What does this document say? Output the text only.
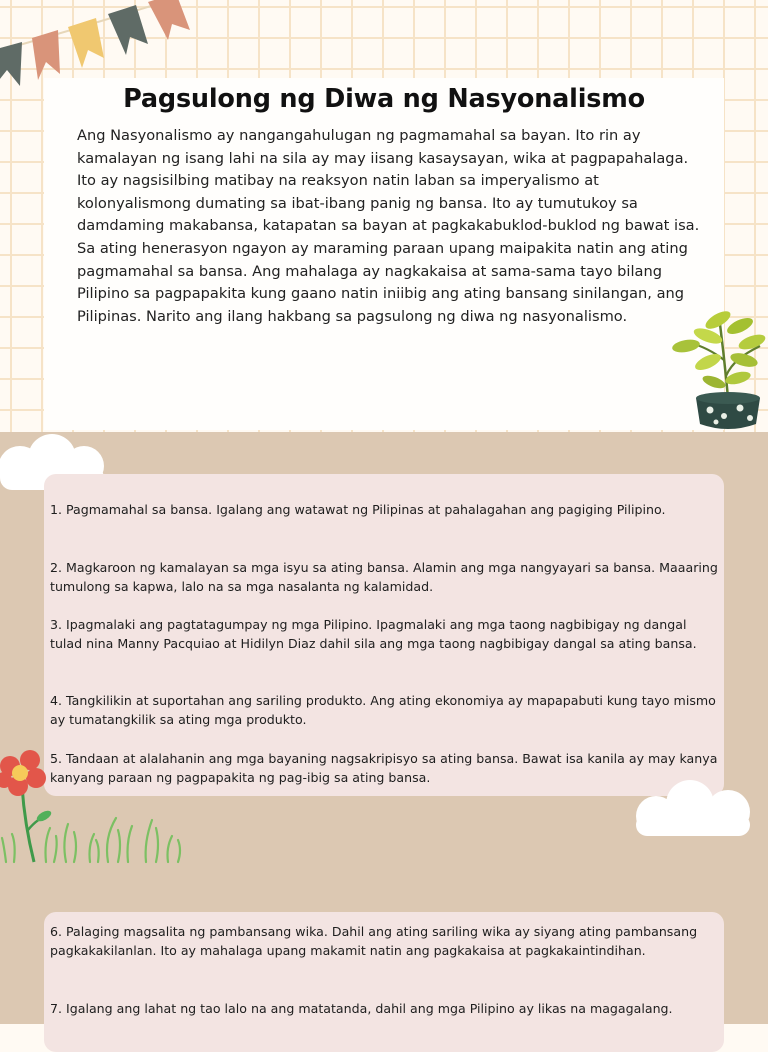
Pagsulong ng Diwa ng Nasyonalismo

Ang Nasyonalismo ay nangangahulugan ng pagmamahal sa bayan. Ito rin ay kamalayan ng isang lahi na sila ay may iisang kasaysayan, wika at pagpapahalaga. Ito ay nagsisilbing matibay na reaksyon natin laban sa imperyalismo at kolonyalismong dumating sa ibat-ibang panig ng bansa. Ito ay tumutukoy sa damdaming makabansa, katapatan sa bayan at pagkakabuklod-buklod ng bawat isa. Sa ating henerasyon ngayon ay maraming paraan upang maipakita natin ang ating pagmamahal sa bansa. Ang mahalaga ay nagkakaisa at sama-sama tayo bilang Pilipino sa pagpapakita kung gaano natin iniibig ang ating bansang sinilangan, ang Pilipinas. Narito ang ilang hakbang sa pagsulong ng diwa ng nasyonalismo.

1. Pagmamahal sa bansa. Igalang ang watawat ng Pilipinas at pahalagahan ang pagiging Pilipino.

2. Magkaroon ng kamalayan sa mga isyu sa ating bansa. Alamin ang mga nangyayari sa bansa. Maaaring tumulong sa kapwa, lalo na sa mga nasalanta ng kalamidad.

3. Ipagmalaki ang pagtatagumpay ng mga Pilipino. Ipagmalaki ang mga taong nagbibigay ng dangal tulad nina Manny Pacquiao at Hidilyn Diaz dahil sila ang mga taong nagbibigay dangal sa ating bansa.

4. Tangkilikin at suportahan ang sariling produkto. Ang ating ekonomiya ay mapapabuti kung tayo mismo ay tumatangkilik sa ating mga produkto.

5. Tandaan at alalahanin ang mga bayaning nagsakripisyo sa ating bansa. Bawat isa kanila ay may kanya kanyang paraan ng pagpapakita ng pag-ibig sa ating bansa.

6. Palaging magsalita ng pambansang wika. Dahil ang ating sariling wika ay siyang ating pambansang pagkakakilanlan. Ito ay mahalaga upang makamit natin ang pagkakaisa at pagkakaintindihan.

7. Igalang ang lahat ng tao lalo na ang matatanda, dahil ang mga Pilipino ay likas na magagalang.
